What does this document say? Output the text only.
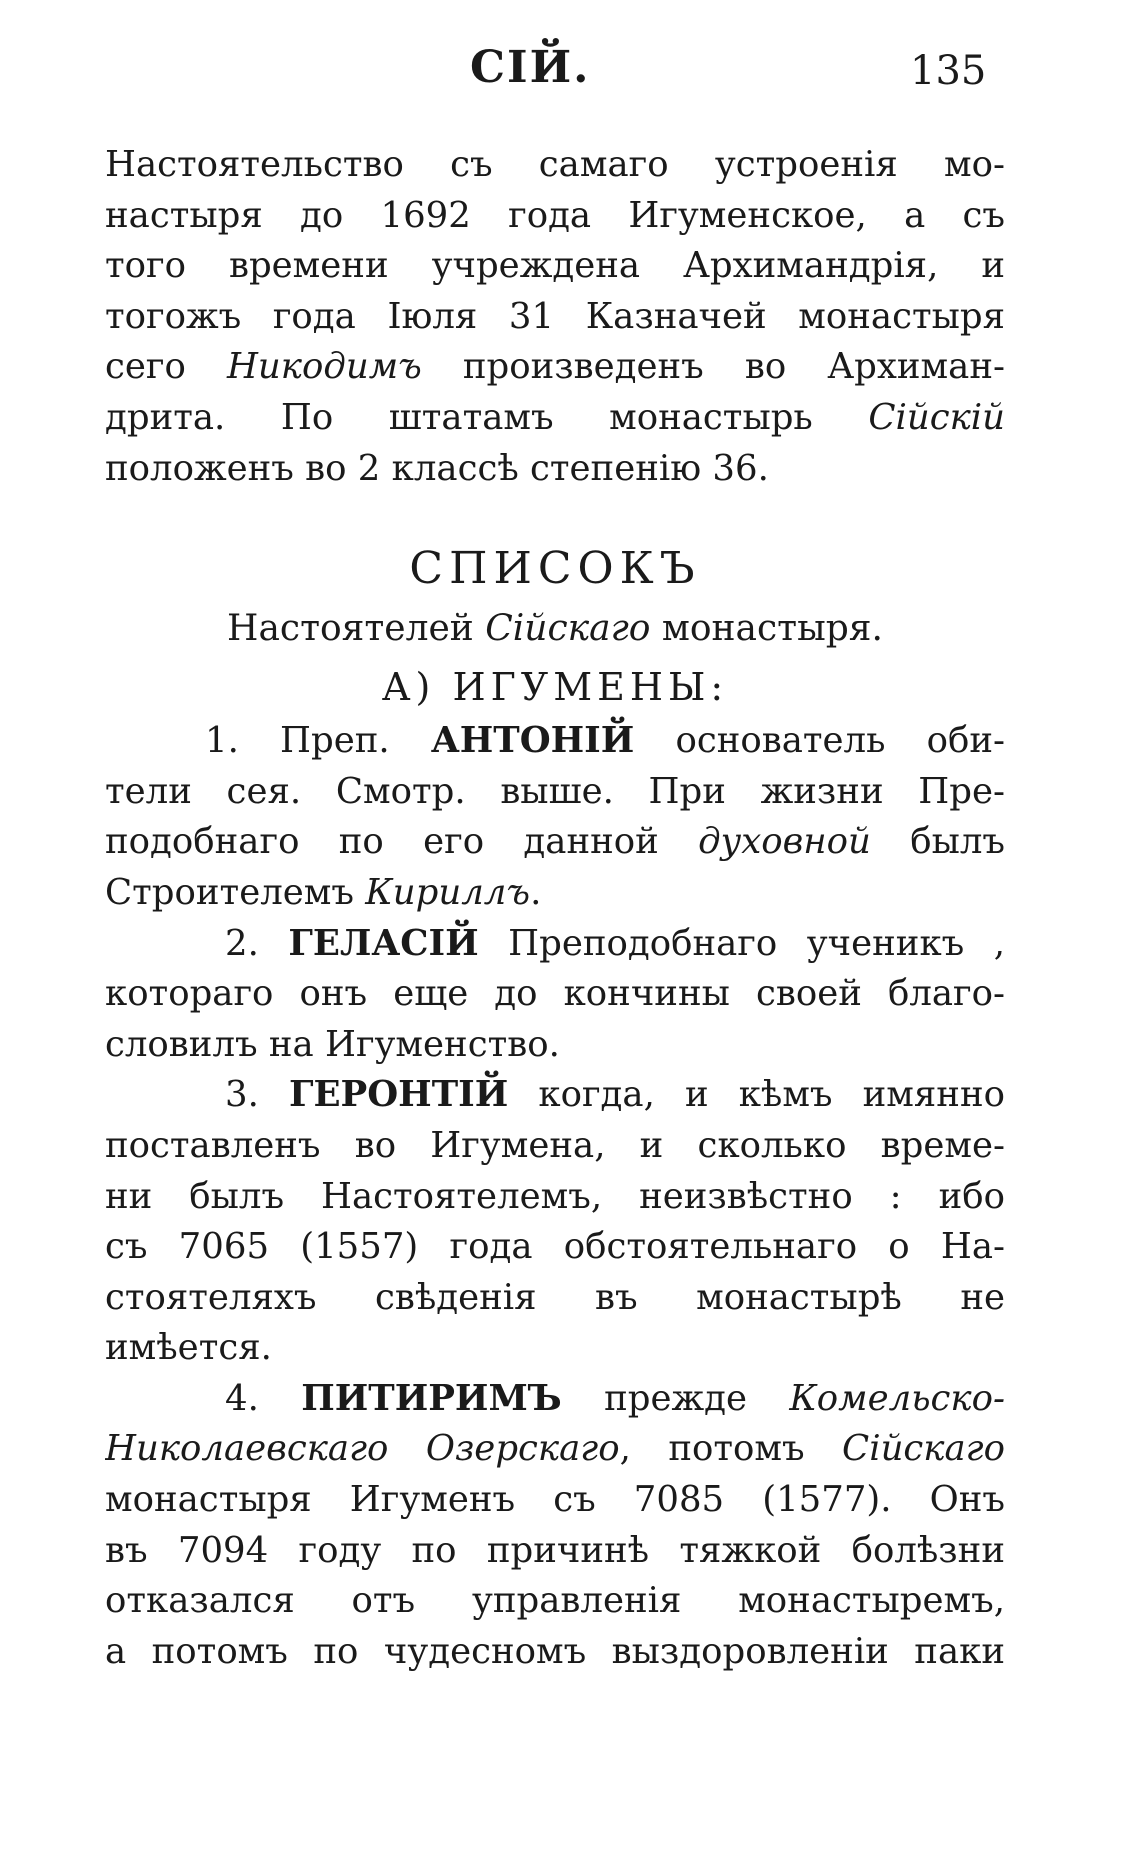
СІЙ.	135
Настоятельство съ самаго устроенія мо-
настыря до 1692 года Игуменское, а съ
того времени учреждена Архимандрія, и
тогожъ года Іюля 31 Казначей монастыря
сего Никодимъ произведенъ во Архиман-
дрита. По штатамъ монастырь Сійскій
положенъ во 2 классѣ степенію 36.
СПИСОКЪ
Настоятелей Сійскаго монастыря.
А) ИГУМЕНЫ:
1. Преп. АНТОНІЙ основатель оби-
тели сея. Смотр. выше. При жизни Пре-
подобнаго по его данной духовной былъ
Строителемъ Кириллъ.
2. ГЕЛАСІЙ Преподобнаго ученикъ ,
котораго онъ еще до кончины своей благо-
словилъ на Игуменство.
3. ГЕРОНТІЙ когда, и кѣмъ имянно
поставленъ во Игумена, и сколько време-
ни былъ Настоятелемъ, неизвѣстно : ибо
съ 7065 (1557) года обстоятельнаго о На-
стоятеляхъ свѣденія въ монастырѣ не
имѣется.
4. ПИТИРИМЪ прежде Комельско-
Николаевскаго Озерскаго, потомъ Сійскаго
монастыря Игуменъ съ 7085 (1577). Онъ
въ 7094 году по причинѣ тяжкой болѣзни
отказался отъ управленія монастыремъ,
а потомъ по чудесномъ выздоровленіи паки
